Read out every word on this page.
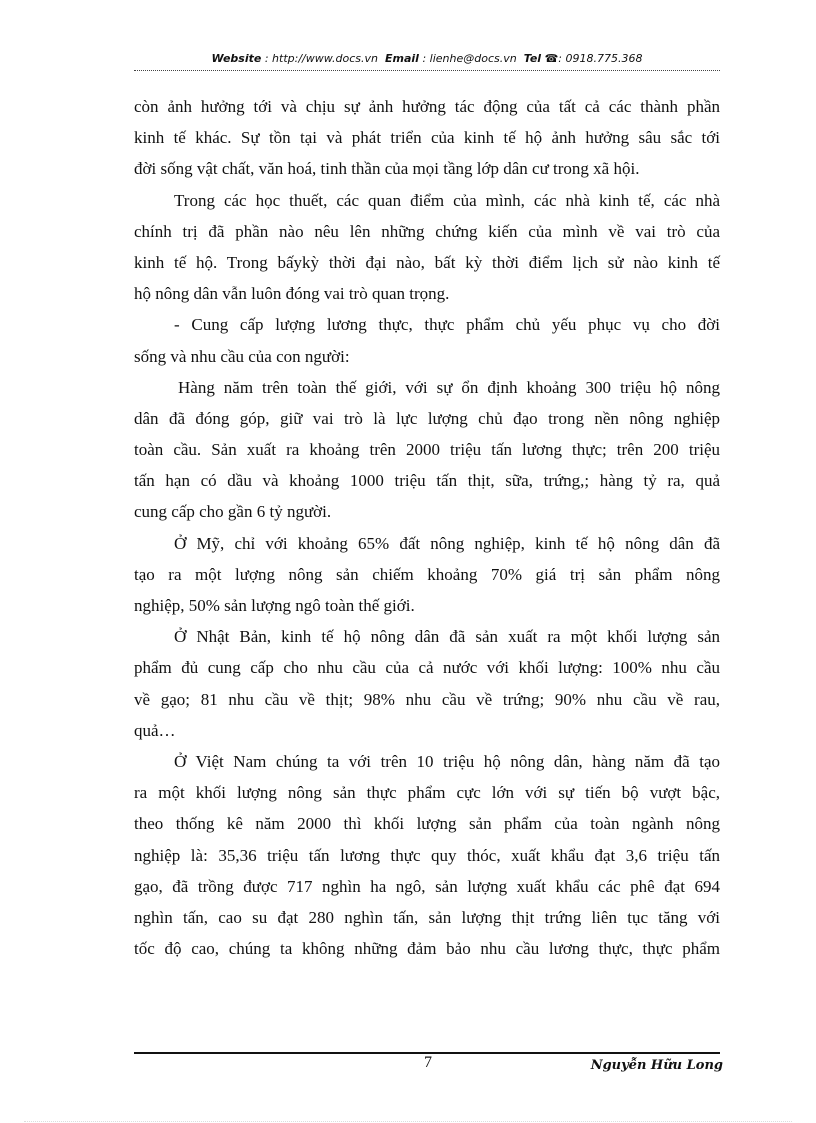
Website : http://www.docs.vn Email : lienhe@docs.vn Tel ☎: 0918.775.368
còn ảnh hưởng tới và chịu sự ảnh hưởng tác động của tất cả các thành phần
kinh tế khác. Sự tồn tại và phát triển của kinh tế hộ ảnh hưởng sâu sắc tới
đời sống vật chất, văn hoá, tinh thần của mọi tầng lớp dân cư trong xã hội.
Trong các học thuết, các quan điểm của mình, các nhà kinh tế, các nhà
chính trị đã phần nào nêu lên những chứng kiến của mình về vai trò của
kinh tế hộ. Trong bấykỳ thời đại nào, bất kỳ thời điểm lịch sử nào kinh tế
hộ nông dân vẫn luôn đóng vai trò quan trọng.
- Cung cấp lượng lương thực, thực phẩm chủ yếu phục vụ cho đời
sống và nhu cầu của con người:
Hàng năm trên toàn thế giới, với sự ổn định khoảng 300 triệu hộ nông
dân đã đóng góp, giữ vai trò là lực lượng chủ đạo trong nền nông nghiệp
toàn cầu. Sản xuất ra khoảng trên 2000 triệu tấn lương thực; trên 200 triệu
tấn hạn có dầu và khoảng 1000 triệu tấn thịt, sữa, trứng,; hàng tỷ ra, quả
cung cấp cho gần 6 tỷ người.
Ở Mỹ, chỉ với khoảng 65% đất nông nghiệp, kinh tế hộ nông dân đã
tạo ra một lượng nông sản chiếm khoảng 70% giá trị sản phẩm nông
nghiệp, 50% sản lượng ngô toàn thế giới.
Ở Nhật Bản, kinh tế hộ nông dân đã sản xuất ra một khối lượng sản
phẩm đủ cung cấp cho nhu cầu của cả nước với khối lượng: 100% nhu cầu
về gạo; 81 nhu cầu về thịt; 98% nhu cầu về trứng; 90% nhu cầu về rau,
quả…
Ở Việt Nam chúng ta với trên 10 triệu hộ nông dân, hàng năm đã tạo
ra một khối lượng nông sản thực phẩm cực lớn với sự tiến bộ vượt bậc,
theo thống kê năm 2000 thì khối lượng sản phẩm của toàn ngành nông
nghiệp là: 35,36 triệu tấn lương thực quy thóc, xuất khẩu đạt 3,6 triệu tấn
gạo, đã trồng được 717 nghìn ha ngô, sản lượng xuất khẩu các phê đạt 694
nghìn tấn, cao su đạt 280 nghìn tấn, sản lượng thịt trứng liên tục tăng với
tốc độ cao, chúng ta không những đảm bảo nhu cầu lương thực, thực phẩm
7	Nguyễn Hữu Long
